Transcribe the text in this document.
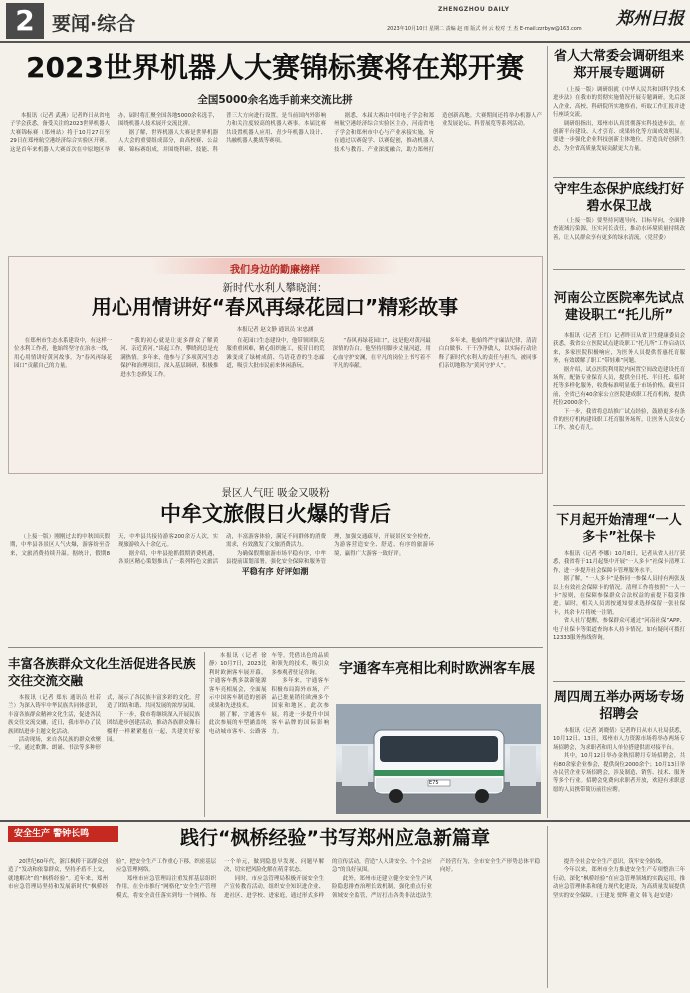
2 要闻·综合
ZHENGZHOU DAILY	郑州日报
2023年10月10日 星期二 责编 赵 雨 版式 何 云 校对 王 杰 E-mail:zzrbyw@163.com
2023世界机器人大赛锦标赛将在郑开赛
全国5000余名选手前来交流比拼

本报讯（记者 武燕）记者昨日从省电子学会获悉，备受关注的2023世界机器人大赛锦标赛（郑州站）将于10月27日至29日在郑州航空港经济综合实验区开赛。这是首年来机器人大赛首次在中原地区举办，届时将汇聚全国各地5000余名选手，围绕机器人技术展开交流比拼。

据了解，世界机器人大赛是世界机器人大会的重要组成部分，由高校赛、公益赛、锦标赛组成，并围绕科研、技能、科普三大方向进行设置，是当前国内外影响力和关注度较高的机器人赛事。本届比赛共设置机器人应用、青少年机器人设计、共融机器人挑战等赛项。

据悉，本届大赛由中国电子学会和郑州航空港经济综合实验区主办，河南省电子学会和郑州市中心与产业承接实施，旨在通过以赛促学、以赛促创，推动机器人技术与教育、产业深度融合，助力郑州打造创新高地。大赛期间还将举办机器人产业发展论坛、科普展览等系列活动。

省人大常委会调研组来郑开展专题调研

（上接一版）调研组就《中华人民共和国科学技术进步法》在我市的贯彻实施情况开展专题调研，先后深入企业、高校、科研院所实地察看，听取工作汇报并进行座谈交流。

调研组指出，郑州市认真贯彻落实科技进步法，在创新平台建设、人才引育、成果转化等方面成效明显。要进一步强化企业科技创新主体地位，营造良好创新生态，为全省高质量发展贡献更大力量。

守牢生态保护底线打好碧水保卫战

（上接一版）要坚持问题导向、目标导向，全面排查流域污染源，压实河长责任，推动水环境质量持续改善，让人民群众享有更多的绿水清流。（党营委）

河南公立医院率先试点建设职工“托儿所”

本报讯（记者 王红）记者昨日从省卫生健康委员会获悉，我省公立医院试点建设职工“托儿所”工作启动以来，多家医院积极响应，为医务人员提供普惠托育服务，有效缓解了职工“带娃难”问题。

据介绍，试点医院利用院内闲置空间改造建设托育场所，配备专业保育人员，提供全日托、半日托、临时托等多样化服务，收费标准明显低于市场价格。截至目前，全省已有40余家公立医院建成职工托育机构，提供托位2000余个。

下一步，我省将总结推广试点经验，鼓励更多有条件的医疗机构建设职工托育服务场所，让医务人员安心工作、放心育儿。

下月起开始清理“一人多卡”社保卡

本报讯（记者 李娜）10月8日，记者从省人社厅获悉，我省将于11月起集中开展“一人多卡”社保卡清理工作，进一步提升社会保障卡管理服务水平。

据了解，“一人多卡”是指同一参保人员持有两张及以上有效社会保障卡的情况。清理工作将按照“一人一卡”原则，在保障参保群众合法权益的前提下稳妥推进。届时，相关人员需按通知要求选择保留一张社保卡，其余卡片将统一注销。

省人社厅提醒，参保群众可通过“河南社保”APP、电子社保卡等渠道查询本人持卡情况，如有疑问可拨打12333服务热线咨询。

周四周五举办两场专场招聘会

本报讯（记者 刘晓倩）记者昨日从市人社局获悉，10月12日、13日，郑州市人力资源市场将举办两场专场招聘会，为求职者和用人单位搭建供需对接平台。

其中，10月12日举办金秋招聘月专场招聘会，共有80余家企业参会，提供岗位2000余个；10月13日举办民营企业专场招聘会，涉及制造、销售、技术、服务等多个行业。招聘会免费向求职者开放，欢迎有求职意愿的人员携带简历前往应聘。

我们身边的勤廉榜样
新时代水利人攀晓润：
用心用情讲好“春风再绿花园口”精彩故事
本报记者 赵文静 通讯员 宋忠涵

在郑州市生态水系建设中，有这样一位水利工作者，他始终坚守在治水一线，用心用情讲好黄河故事，为“春风再绿花园口”贡献自己的力量。

“我的初心就是让更多群众了解黄河、亲近黄河。”谈起工作，攀晓润总是充满热情。多年来，他参与了多项黄河生态保护和治理项目，深入基层调研，积极推进水生态修复工作。

在花园口生态建设中，他带领团队克服重重困难，精心组织施工，使昔日的荒滩变成了绿树成荫、鸟语花香的生态廊道，吸引大批市民前来休闲游玩。

“春风再绿花园口”，这是他对黄河最深情的告白。他坚持用脚步丈量河道，用心血守护安澜，在平凡的岗位上书写着不平凡的奉献。

多年来，他始终严守廉洁纪律，清清白白做事、干干净净做人，以实际行动诠释了新时代水利人的责任与担当，被同事们亲切地称为“黄河守护人”。

景区人气旺 吸金又吸粉
中牟文旅假日火爆的背后

（上接一版）刚刚过去的中秋国庆假期，中牟县各景区人气火爆，游客纷至沓来，文旅消费持续升温。据统计，假期8天，中牟县共接待游客200余万人次，实现旅游收入十余亿元。

据介绍，中牟县抢抓假期消费机遇，各景区精心策划推出了一系列特色文旅活动，丰富游客体验，满足不同群体的消费需求，有效激发了文旅消费活力。

为确保假期旅游市场平稳有序，中牟县提前谋划部署，强化安全保障和服务管理，加强交通疏导，开展景区安全检查，为游客营造安全、舒适、有序的旅游环境，赢得广大游客一致好评。

平稳有序 好评如潮
丰富各族群众文化生活促进各民族交往交流交融

本报讯（记者 郑东 通讯员 杜若兰）为深入铸牢中华民族共同体意识，丰富各族群众精神文化生活，促进各民族交往交流交融，近日，我市举办了民族团结进步主题文化活动。

活动现场，来自各民族的群众欢聚一堂，通过歌舞、朗诵、书法等多种形式，展示了各民族丰富多彩的文化，营造了团结和谐、共同发展的浓厚氛围。

下一步，我市将继续深入开展民族团结进步创建活动，推动各族群众像石榴籽一样紧紧抱在一起，共建美好家园。

本报讯（记者 徐静）10月7日，2023比利时欧洲客车展开幕，宇通客车携多款新能源客车亮相展会，全面展示中国客车制造的创新成果和先进技术。

据了解，宇通客车此次参展的车型涵盖纯电动城市客车、公路客车等，凭借出色的品质和领先的技术，吸引众多参观者驻足咨询。

多年来，宇通客车积极布局海外市场，产品已批量销往欧洲多个国家和地区。此次参展，将进一步提升中国客车品牌的国际影响力。

宇通客车亮相比利时欧洲客车展
E75
安全生产 警钟长鸣	践行“枫桥经验”书写郑州应急新篇章

20世纪60年代，浙江枫桥干部群众创造了“发动和依靠群众，坚持矛盾不上交，就地解决”的“枫桥经验”。近年来，郑州市应急管理局坚持和发展新时代“枫桥经验”，把安全生产工作重心下移，织密基层应急管理网络。

郑州市应急管理局注重发挥基层组织作用，在全市推行“网格化”安全生产管理模式，将安全责任落实到每一个网格、每一个单元，做到隐患早发现、问题早解决，切实把风险化解在萌芽状态。

同时，市应急管理局积极开展安全生产宣传教育活动，组织安全知识进企业、进社区、进学校、进家庭，通过形式多样的宣传活动，营造“人人讲安全、个个会应急”的良好氛围。

此外，郑州市还建立健全安全生产风险隐患排查治理长效机制，强化重点行业领域安全监管，严厉打击各类非法违法生产经营行为，全市安全生产形势总体平稳向好。

提升全社会安全生产意识，筑牢安全防线。

今年以来，郑州市全力推进安全生产专项整治三年行动，深化“枫桥经验”在应急管理领域的实践运用，推动应急管理体系和能力现代化建设，为高质量发展提供坚实的安全保障。（王建龙 贾辉 董文 韩飞 赵安建）
